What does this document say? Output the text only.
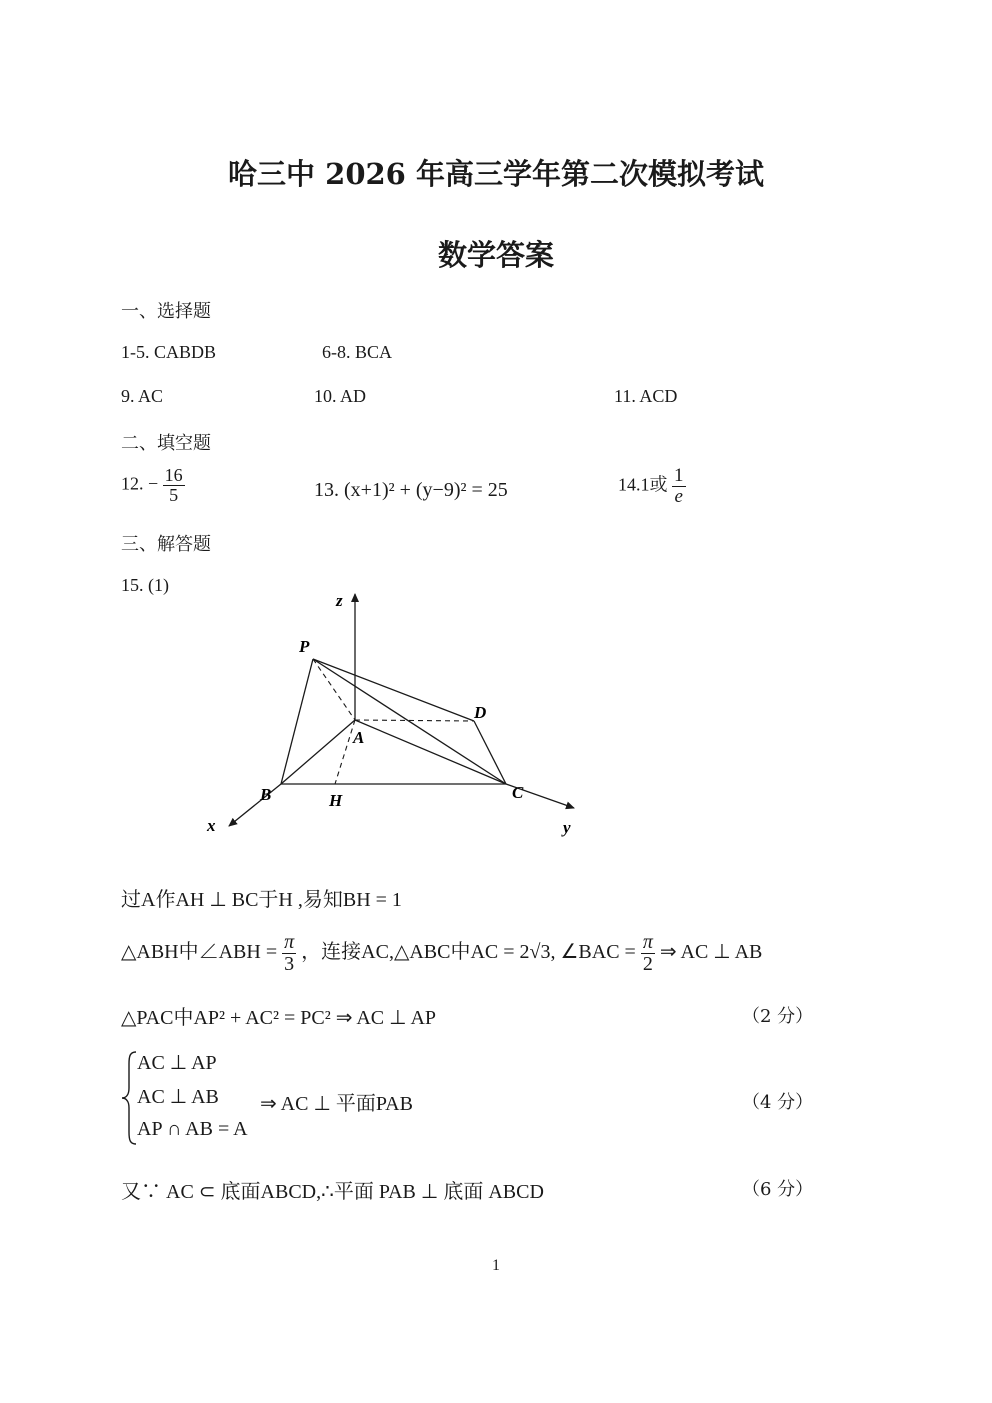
哈三中 2026 年高三学年第二次模拟考试
数学答案
一、选择题
1-5. CABDB	6-8. BCA
9. AC	10. AD	11. ACD
二、填空题
12. − $\frac{16}{5}$	13. (x+1)² + (y−9)² = 25	14.1或 $\frac{1}{e}$
三、解答题
15. (1)
z
P
D
A
B	H	C
x	y
过A作AH ⊥ BC于H ,易知BH = 1
△ABH中∠ABH = $\frac{\pi}{3}$ ，连接AC,△ABC中AC = 2√3, ∠BAC = $\frac{\pi}{2}$ ⇒ AC ⊥ AB
△PAC中AP² + AC² = PC² ⇒ AC ⊥ AP	（2 分）
AC ⊥ AP
AC ⊥ AB
AP ∩ AB = A
⇒ AC ⊥ 平面PAB	（4 分）
又∵ AC ⊂ 底面ABCD,∴平面 PAB ⊥ 底面 ABCD	（6 分）
1
